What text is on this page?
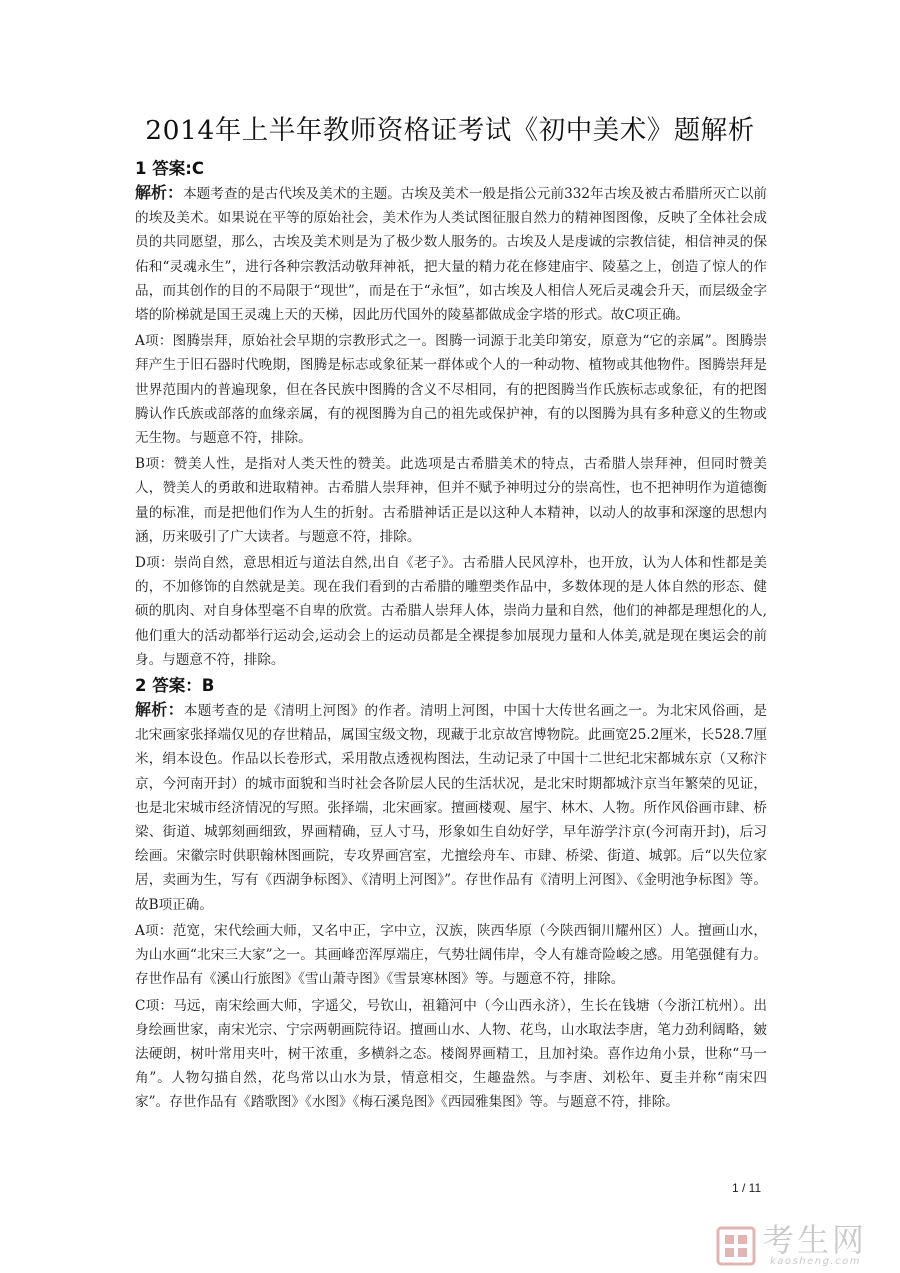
2014年上半年教师资格证考试《初中美术》题解析
1 答案:C

解析：本题考查的是古代埃及美术的主题。古埃及美术一般是指公元前332年古埃及被古希腊所灭亡以前的埃及美术。如果说在平等的原始社会，美术作为人类试图征服自然力的精神图图像，反映了全体社会成员的共同愿望，那么，古埃及美术则是为了极少数人服务的。古埃及人是虔诚的宗教信徒，相信神灵的保佑和“灵魂永生”，进行各种宗教活动敬拜神祇，把大量的精力花在修建庙宇、陵墓之上，创造了惊人的作品，而其创作的目的不局限于“现世”，而是在于“永恒”，如古埃及人相信人死后灵魂会升天，而层级金字塔的阶梯就是国王灵魂上天的天梯，因此历代国外的陵墓都做成金字塔的形式。故C项正确。

A项：图腾崇拜，原始社会早期的宗教形式之一。图腾一词源于北美印第安，原意为“它的亲属”。图腾崇拜产生于旧石器时代晚期，图腾是标志或象征某一群体或个人的一种动物、植物或其他物件。图腾崇拜是世界范围内的普遍现象，但在各民族中图腾的含义不尽相同，有的把图腾当作氏族标志或象征，有的把图腾认作氏族或部落的血缘亲属，有的视图腾为自己的祖先或保护神，有的以图腾为具有多种意义的生物或无生物。与题意不符，排除。

B项：赞美人性，是指对人类天性的赞美。此选项是古希腊美术的特点，古希腊人崇拜神，但同时赞美人，赞美人的勇敢和进取精神。古希腊人崇拜神，但并不赋予神明过分的崇高性，也不把神明作为道德衡量的标准，而是把他们作为人生的折射。古希腊神话正是以这种人本精神，以动人的故事和深邃的思想内涵，历来吸引了广大读者。与题意不符，排除。

D项：崇尚自然，意思相近与道法自然,出自《老子》。古希腊人民风淳朴，也开放，认为人体和性都是美的，不加修饰的自然就是美。现在我们看到的古希腊的雕塑类作品中，多数体现的是人体自然的形态、健硕的肌肉、对自身体型毫不自卑的欣赏。古希腊人崇拜人体，崇尚力量和自然，他们的神都是理想化的人,他们重大的活动都举行运动会,运动会上的运动员都是全裸提参加展现力量和人体美,就是现在奥运会的前身。与题意不符，排除。

2 答案：B

解析：本题考查的是《清明上河图》的作者。清明上河图，中国十大传世名画之一。为北宋风俗画，是北宋画家张择端仅见的存世精品，属国宝级文物，现藏于北京故宫博物院。此画宽25.2厘米，长528.7厘米，绢本设色。作品以长卷形式，采用散点透视构图法，生动记录了中国十二世纪北宋都城东京（又称汴京，今河南开封）的城市面貌和当时社会各阶层人民的生活状况，是北宋时期都城汴京当年繁荣的见证，也是北宋城市经济情况的写照。张择端，北宋画家。擅画楼观、屋宇、林木、人物。所作风俗画市肆、桥梁、街道、城郭刻画细致，界画精确，豆人寸马，形象如生自幼好学，早年游学汴京(今河南开封)，后习绘画。宋徽宗时供职翰林图画院，专攻界画宫室，尤擅绘舟车、市肆、桥梁、街道、城郭。后“以失位家居，卖画为生，写有《西湖争标图》、《清明上河图》”。存世作品有《清明上河图》、《金明池争标图》等。故B项正确。

A项：范宽，宋代绘画大师，又名中正，字中立，汉族，陕西华原（今陕西铜川耀州区）人。擅画山水，为山水画“北宋三大家”之一。其画峰峦浑厚端庄，气势壮阔伟岸，令人有雄奇险峻之感。用笔强健有力。存世作品有《溪山行旅图》《雪山萧寺图》《雪景寒林图》等。与题意不符，排除。

C项：马远，南宋绘画大师，字遥父，号钦山，祖籍河中（今山西永济），生长在钱塘（今浙江杭州）。出身绘画世家，南宋光宗、宁宗两朝画院待诏。擅画山水、人物、花鸟，山水取法李唐，笔力劲利阔略，皴法硬朗，树叶常用夹叶，树干浓重，多横斜之态。楼阁界画精工，且加衬染。喜作边角小景，世称“马一角”。人物勾描自然，花鸟常以山水为景，情意相交，生趣盎然。与李唐、刘松年、夏圭并称“南宋四家”。存世作品有《踏歌图》《水图》《梅石溪凫图》《西园雅集图》等。与题意不符，排除。

1 / 11
考生网
kaosheng.com
